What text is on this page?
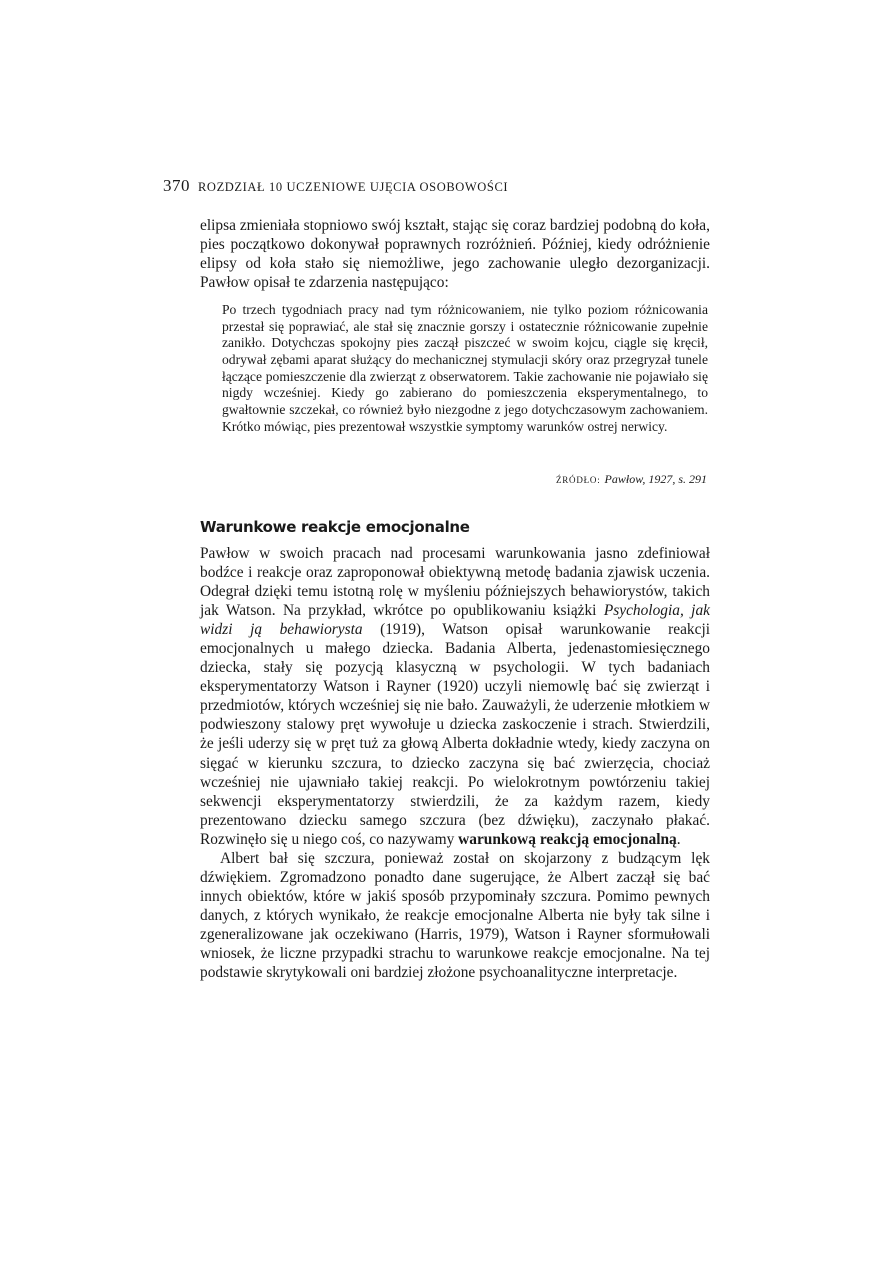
370 ROZDZIAŁ 10 UCZENIOWE UJĘCIA OSOBOWOŚCI

elipsa zmieniała stopniowo swój kształt, stając się coraz bardziej podobną do koła, pies początkowo dokonywał poprawnych rozróżnień. Później, kiedy odróżnienie elipsy od koła stało się niemożliwe, jego zachowanie uległo dezorganizacji. Pawłow opisał te zdarzenia następująco:

Po trzech tygodniach pracy nad tym różnicowaniem, nie tylko poziom różnicowania przestał się poprawiać, ale stał się znacznie gorszy i ostatecznie różnicowanie zupełnie zanikło. Dotychczas spokojny pies zaczął piszczeć w swoim kojcu, ciągle się kręcił, odrywał zębami aparat służący do mechanicznej stymulacji skóry oraz przegryzał tunele łączące pomieszczenie dla zwierząt z obserwatorem. Takie zachowanie nie pojawiało się nigdy wcześniej. Kiedy go zabierano do pomieszczenia eksperymentalnego, to gwałtownie szczekał, co również było niezgodne z jego dotychczasowym zachowaniem. Krótko mówiąc, pies prezentował wszystkie symptomy warunków ostrej nerwicy.

ŹRÓDŁO: Pawłow, 1927, s. 291
Warunkowe reakcje emocjonalne

Pawłow w swoich pracach nad procesami warunkowania jasno zdefiniował bodźce i reakcje oraz zaproponował obiektywną metodę badania zjawisk uczenia. Odegrał dzięki temu istotną rolę w myśleniu późniejszych behawiorystów, takich jak Watson. Na przykład, wkrótce po opublikowaniu książki Psychologia, jak widzi ją behawiorysta (1919), Watson opisał warunkowanie reakcji emocjonalnych u małego dziecka. Badania Alberta, jedenastomiesięcznego dziecka, stały się pozycją klasyczną w psychologii. W tych badaniach eksperymentatorzy Watson i Rayner (1920) uczyli niemowlę bać się zwierząt i przedmiotów, których wcześniej się nie bało. Zauważyli, że uderzenie młotkiem w podwieszony stalowy pręt wywołuje u dziecka zaskoczenie i strach. Stwierdzili, że jeśli uderzy się w pręt tuż za głową Alberta dokładnie wtedy, kiedy zaczyna on sięgać w kierunku szczura, to dziecko zaczyna się bać zwierzęcia, chociaż wcześniej nie ujawniało takiej reakcji. Po wielokrotnym powtórzeniu takiej sekwencji eksperymentatorzy stwierdzili, że za każdym razem, kiedy prezentowano dziecku samego szczura (bez dźwięku), zaczynało płakać. Rozwinęło się u niego coś, co nazywamy warunkową reakcją emocjonalną.

Albert bał się szczura, ponieważ został on skojarzony z budzącym lęk dźwiękiem. Zgromadzono ponadto dane sugerujące, że Albert zaczął się bać innych obiektów, które w jakiś sposób przypominały szczura. Pomimo pewnych danych, z których wynikało, że reakcje emocjonalne Alberta nie były tak silne i zgeneralizowane jak oczekiwano (Harris, 1979), Watson i Rayner sformułowali wniosek, że liczne przypadki strachu to warunkowe reakcje emocjonalne. Na tej podstawie skrytykowali oni bardziej złożone psychoanalityczne interpretacje.
